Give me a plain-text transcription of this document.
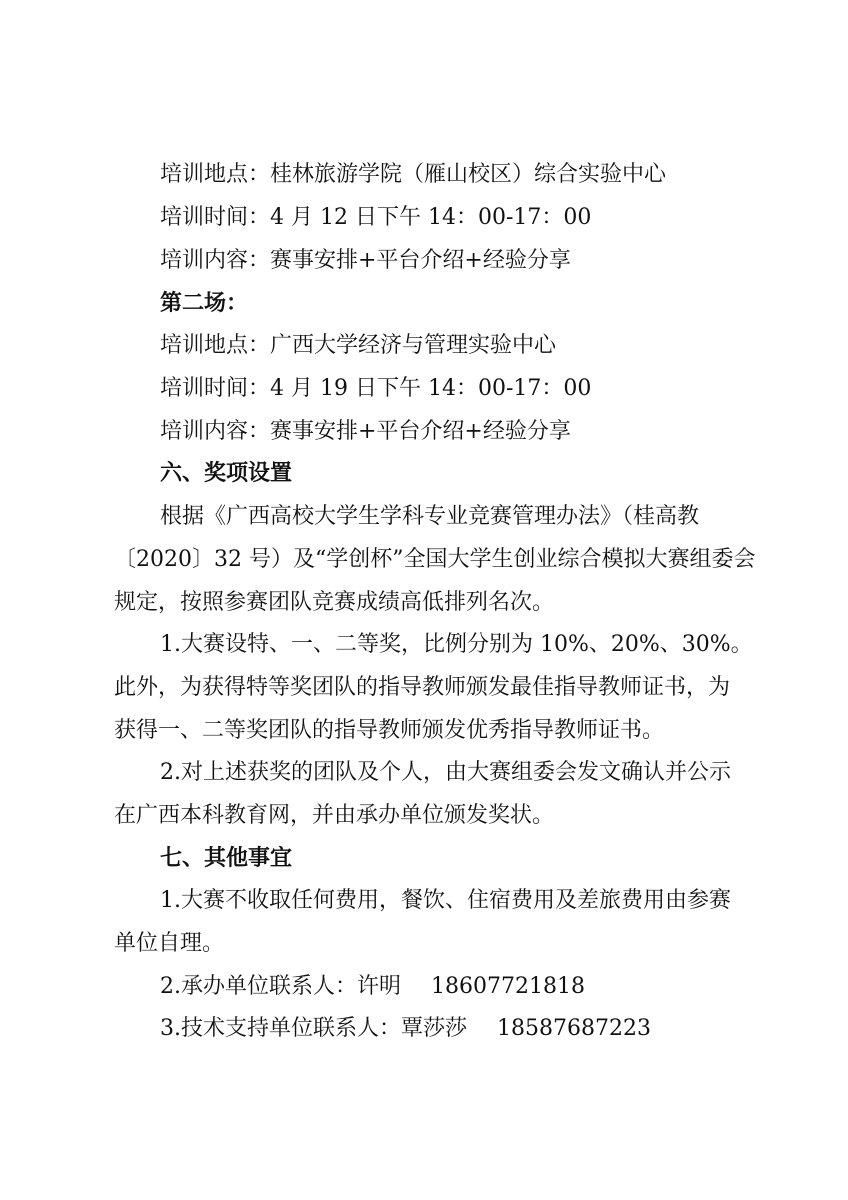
培训地点：桂林旅游学院（雁山校区）综合实验中心
培训时间：4 月 12 日下午 14：00-17：00
培训内容：赛事安排+平台介绍+经验分享
第二场：
培训地点：广西大学经济与管理实验中心
培训时间：4 月 19 日下午 14：00-17：00
培训内容：赛事安排+平台介绍+经验分享
六、奖项设置
根据《广西高校大学生学科专业竞赛管理办法》（桂高教
〔2020〕32 号）及“学创杯”全国大学生创业综合模拟大赛组委会
规定，按照参赛团队竞赛成绩高低排列名次。
1.大赛设特、一、二等奖，比例分别为 10%、20%、30%。
此外，为获得特等奖团队的指导教师颁发最佳指导教师证书，为
获得一、二等奖团队的指导教师颁发优秀指导教师证书。
2.对上述获奖的团队及个人，由大赛组委会发文确认并公示
在广西本科教育网，并由承办单位颁发奖状。
七、其他事宜
1.大赛不收取任何费用，餐饮、住宿费用及差旅费用由参赛
单位自理。
2.承办单位联系人：许明 18607721818
3.技术支持单位联系人：覃莎莎 18587687223
